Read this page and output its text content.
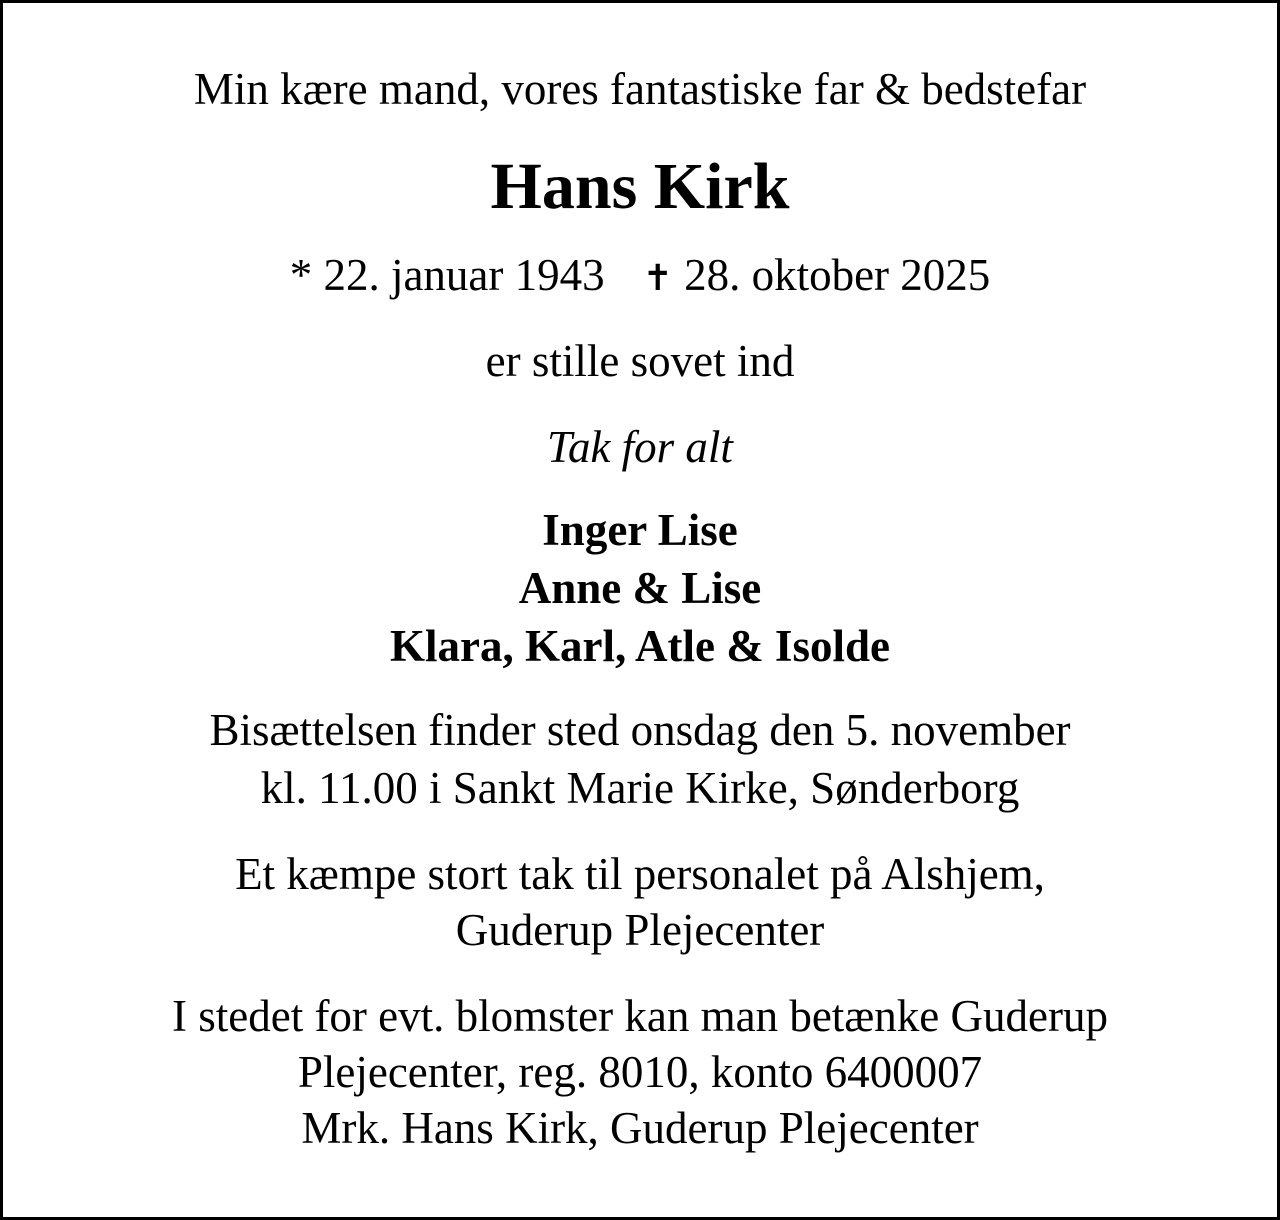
Min kære mand, vores fantastiske far & bedstefar

Hans Kirk

* 22. januar 1943 ✝ 28. oktober 2025

er stille sovet ind

Tak for alt

Inger Lise
Anne & Lise
Klara, Karl, Atle & Isolde
Bisættelsen finder sted onsdag den 5. november
kl. 11.00 i Sankt Marie Kirke, Sønderborg
Et kæmpe stort tak til personalet på Alshjem,
Guderup Plejecenter
I stedet for evt. blomster kan man betænke Guderup
Plejecenter, reg. 8010, konto 6400007
Mrk. Hans Kirk, Guderup Plejecenter
